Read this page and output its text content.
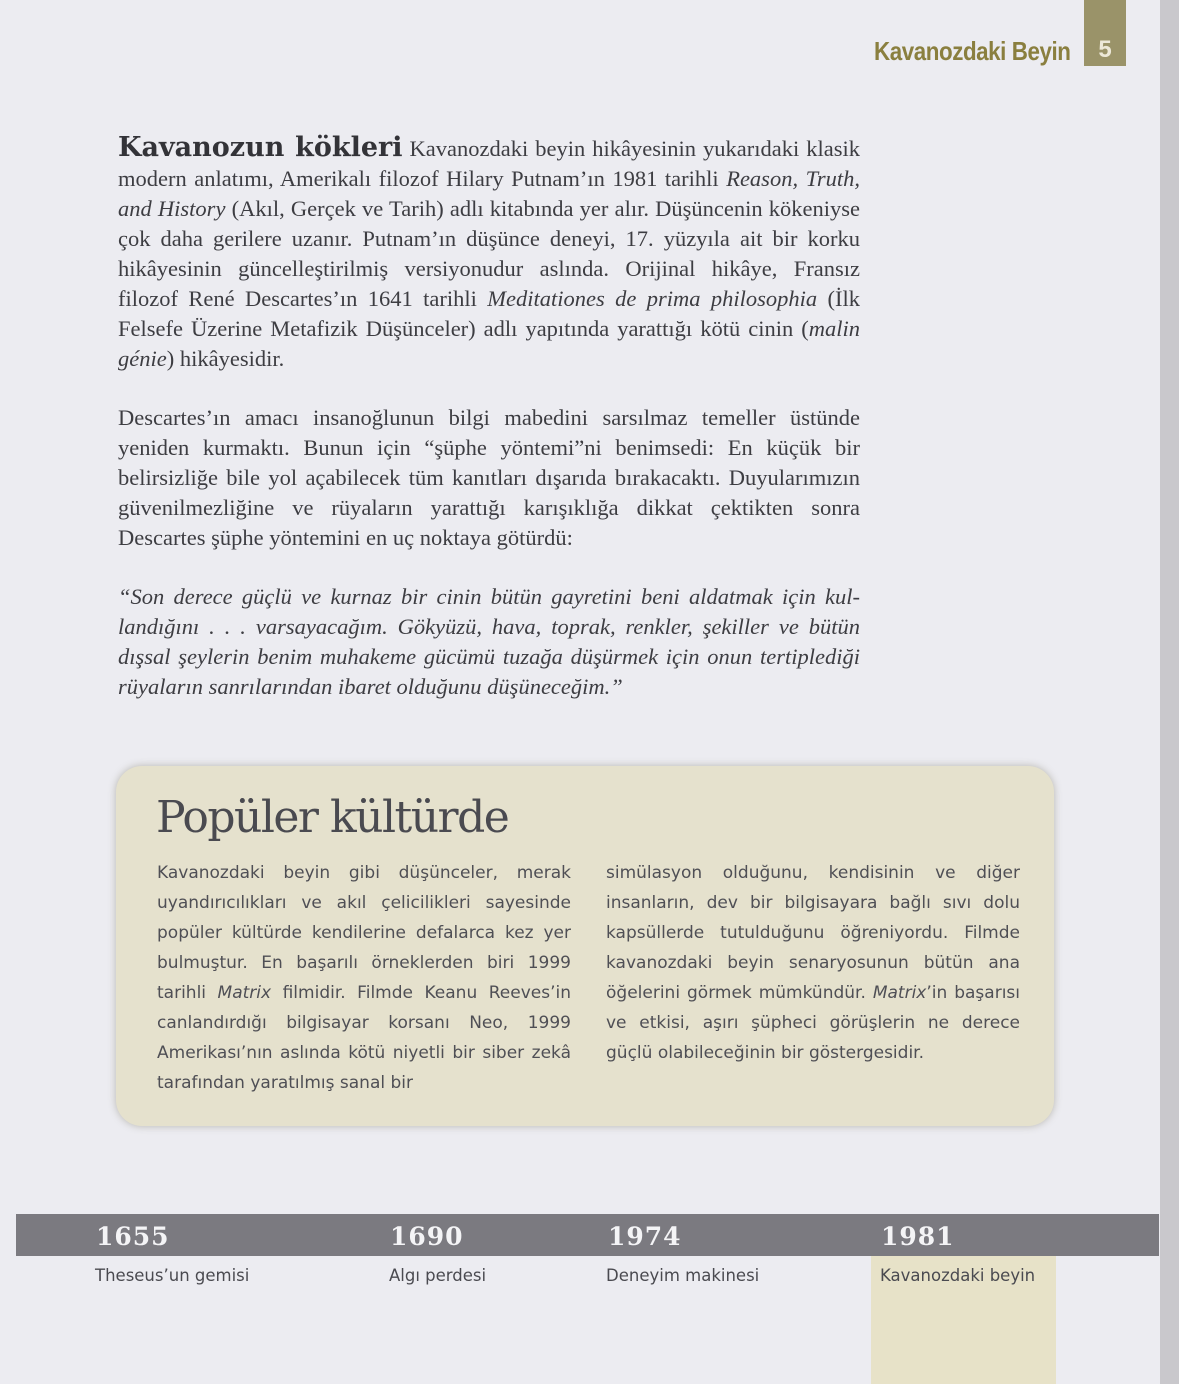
Kavanozdaki Beyin	5

Kavanozun kökleri Kavanozdaki beyin hikâyesinin yukarıdaki klasik modern anlatımı, Amerikalı filozof Hilary Putnam’ın 1981 tarihli Reason, Truth, and History (Akıl, Gerçek ve Tarih) adlı kitabında yer alır. Düşüncenin kökeniyse çok daha gerilere uzanır. Putnam’ın düşünce deneyi, 17. yüzyıla ait bir korku hikâyesinin güncelleştirilmiş versiyonudur aslında. Orijinal hikâye, Fransız filozof René Descartes’ın 1641 tarihli Meditationes de prima philosophia (İlk Felsefe Üzerine Metafizik Düşünceler) adlı yapıtında yarattığı kötü cinin (malin génie) hikâyesidir.

Descartes’ın amacı insanoğlunun bilgi mabedini sarsılmaz temeller üstünde yeniden kurmaktı. Bunun için “şüphe yöntemi”ni benimsedi: En küçük bir belirsizliğe bile yol açabilecek tüm kanıtları dışarıda bırakacaktı. Duyularımızın güvenilmezliğine ve rüyaların yarattığı karışıklığa dikkat çektikten sonra Descartes şüphe yöntemini en uç noktaya götürdü:

“Son derece güçlü ve kurnaz bir cinin bütün gayretini beni aldatmak için kullandığını . . . varsayacağım. Gökyüzü, hava, toprak, renkler, şekiller ve bütün dışsal şeylerin benim muhakeme gücümü tuzağa düşürmek için onun tertiplediği rüyaların sanrılarından ibaret olduğunu düşüneceğim.”

Popüler kültürde

Kavanozdaki beyin gibi düşünceler, merak uyandırıcılıkları ve akıl çelicilikleri sayesinde popüler kültürde kendilerine defalarca kez yer bulmuştur. En başarılı örneklerden biri 1999 tarihli Matrix filmidir. Filmde Keanu Reeves’in canlandırdığı bilgisayar korsanı Neo, 1999 Amerikası’nın aslında kötü niyetli bir siber zekâ tarafından yaratılmış sanal bir

simülasyon olduğunu, kendisinin ve diğer insanların, dev bir bilgisayara bağlı sıvı dolu kapsüllerde tutulduğunu öğreniyordu. Filmde kavanozdaki beyin senaryosunun bütün ana öğelerini görmek mümkündür. Matrix’in başarısı ve etkisi, aşırı şüpheci görüşlerin ne derece güçlü olabileceğinin bir göstergesidir.

1655
Theseus’un gemisi
1690
Algı perdesi
1974
Deneyim makinesi
1981
Kavanozdaki beyin
